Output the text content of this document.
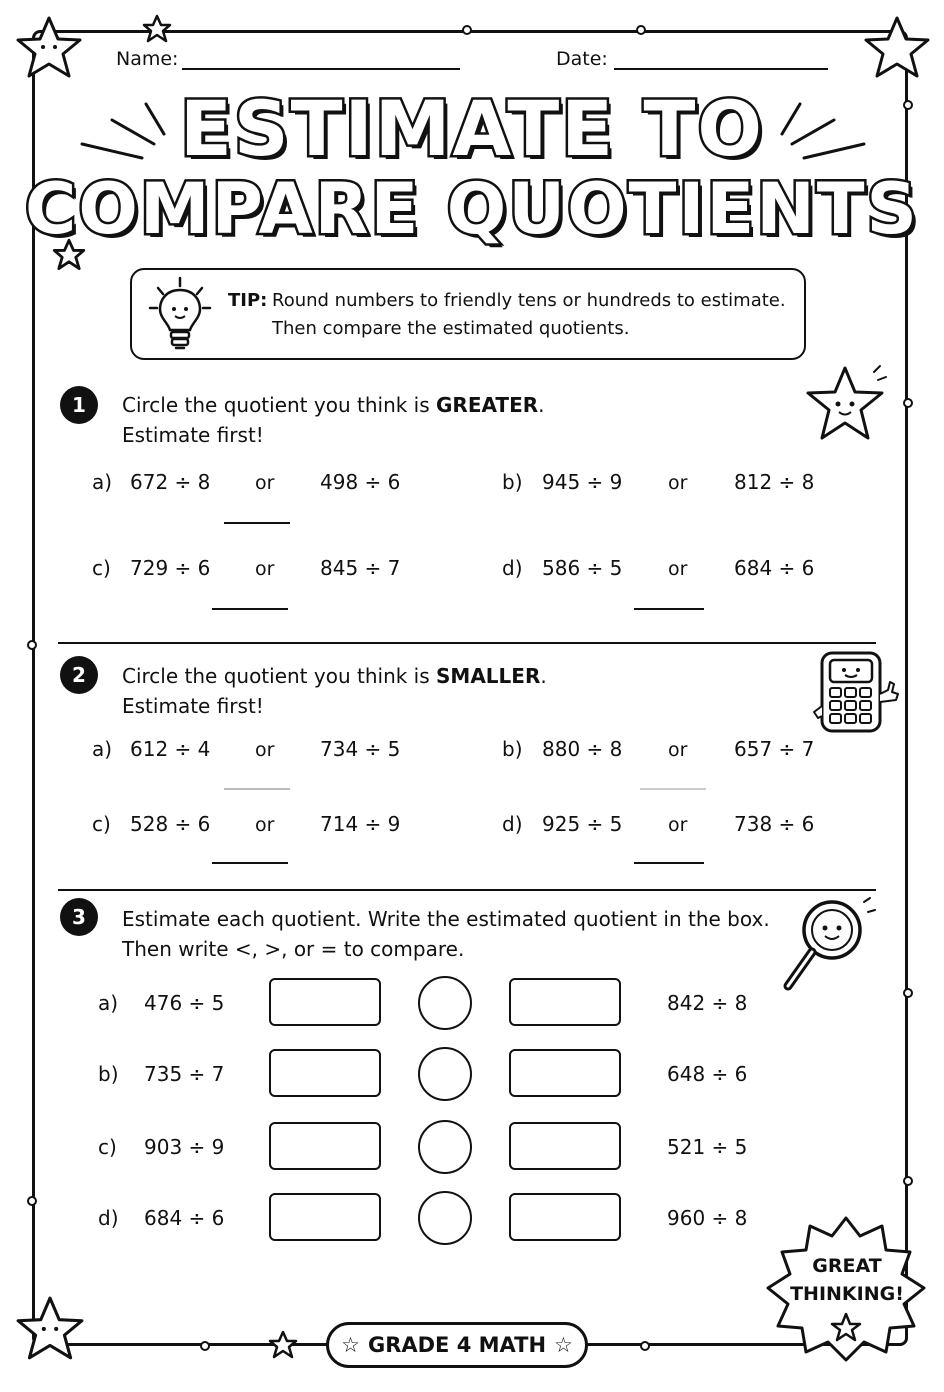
Name:	Date:
ESTIMATE TO
COMPARE QUOTIENTS
TIP: Round numbers to friendly tens or hundreds to estimate.
Then compare the estimated quotients.
1	Circle the quotient you think is GREATER.
Estimate first!
a) 672 ÷ 8 or 498 ÷ 6	b) 945 ÷ 9 or 812 ÷ 8
c) 729 ÷ 6 or 845 ÷ 7	d) 586 ÷ 5 or 684 ÷ 6
2	Circle the quotient you think is SMALLER.
Estimate first!
a) 612 ÷ 4 or 734 ÷ 5	b) 880 ÷ 8 or 657 ÷ 7
c) 528 ÷ 6 or 714 ÷ 9	d) 925 ÷ 5 or 738 ÷ 6
3	Estimate each quotient. Write the estimated quotient in the box.
Then write <, >, or = to compare.
a) 476 ÷ 5	842 ÷ 8
b) 735 ÷ 7	648 ÷ 6
c) 903 ÷ 9	521 ÷ 5
d) 684 ÷ 6	960 ÷ 8
GREAT
THINKING!
☆ GRADE 4 MATH ☆
